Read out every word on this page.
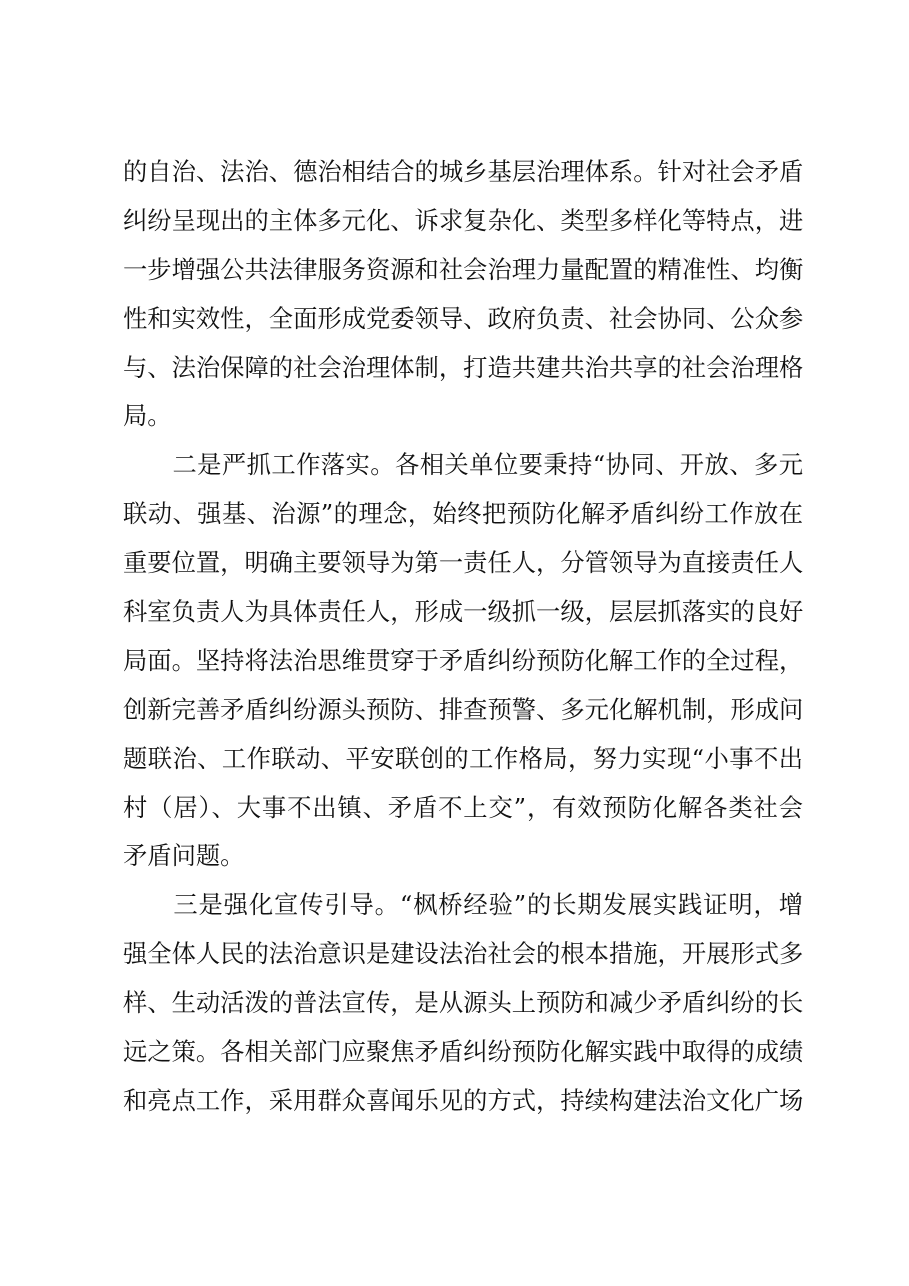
的自治、法治、德治相结合的城乡基层治理体系。针对社会矛盾
纠纷呈现出的主体多元化、诉求复杂化、类型多样化等特点，进
一步增强公共法律服务资源和社会治理力量配置的精准性、均衡
性和实效性，全面形成党委领导、政府负责、社会协同、公众参
与、法治保障的社会治理体制，打造共建共治共享的社会治理格
局。
　　二是严抓工作落实。各相关单位要秉持“协同、开放、多元
联动、强基、治源”的理念，始终把预防化解矛盾纠纷工作放在
重要位置，明确主要领导为第一责任人，分管领导为直接责任人
科室负责人为具体责任人，形成一级抓一级，层层抓落实的良好
局面。坚持将法治思维贯穿于矛盾纠纷预防化解工作的全过程，
创新完善矛盾纠纷源头预防、排查预警、多元化解机制，形成问
题联治、工作联动、平安联创的工作格局，努力实现“小事不出
村（居）、大事不出镇、矛盾不上交”，有效预防化解各类社会
矛盾问题。
　　三是强化宣传引导。“枫桥经验”的长期发展实践证明，增
强全体人民的法治意识是建设法治社会的根本措施，开展形式多
样、生动活泼的普法宣传，是从源头上预防和减少矛盾纠纷的长
远之策。各相关部门应聚焦矛盾纠纷预防化解实践中取得的成绩
和亮点工作，采用群众喜闻乐见的方式，持续构建法治文化广场
